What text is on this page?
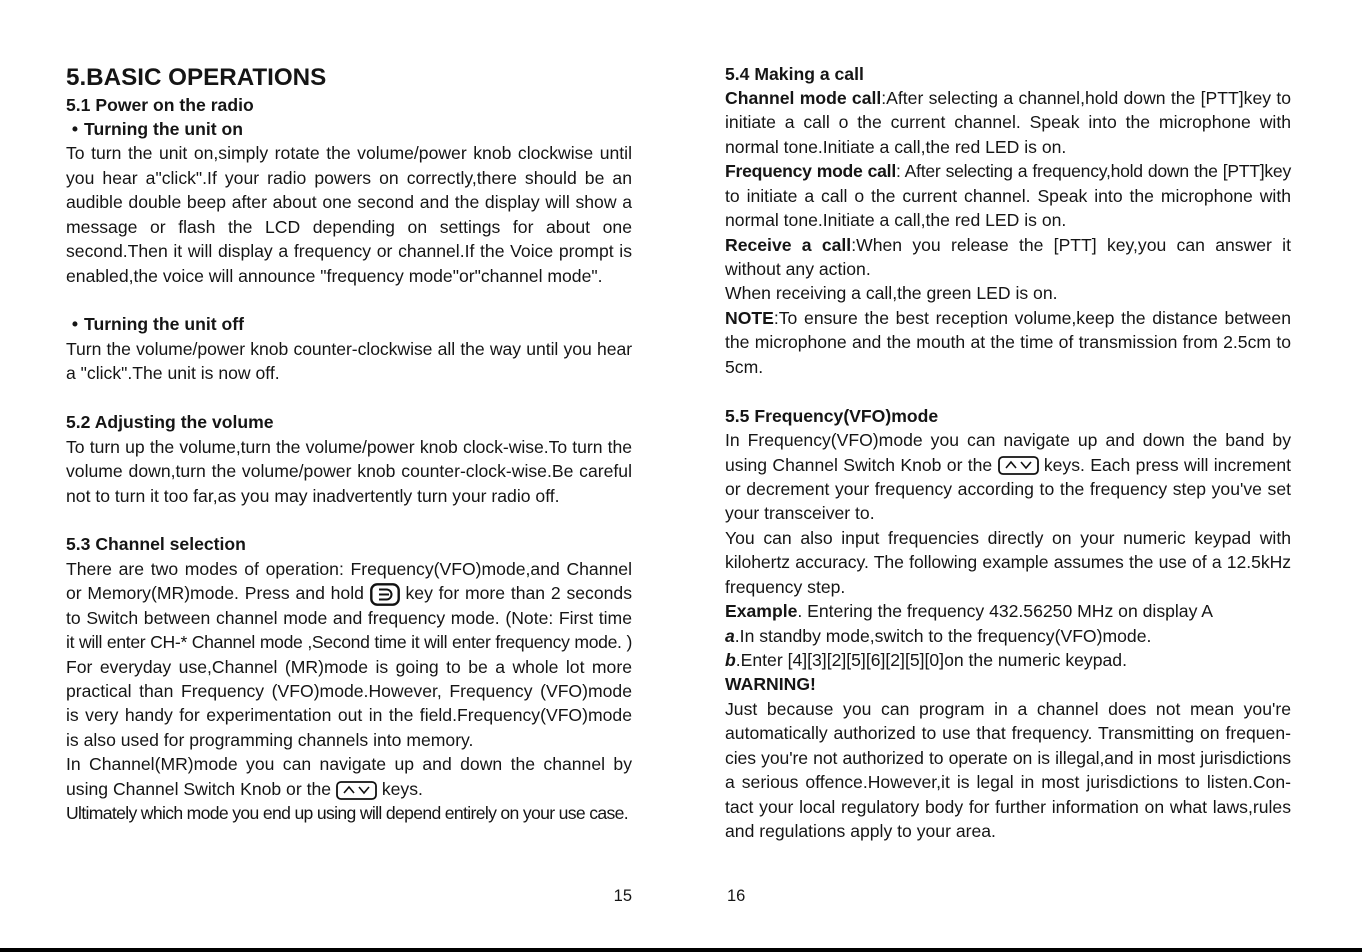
5.BASIC OPERATIONS
5.1 Power on the radio
• Turning the unit on
To turn the unit on,simply rotate the volume/power knob clockwise until
you hear a"click".If your radio powers on correctly,there should be an
audible double beep after about one second and the display will show a
message or flash the LCD depending on settings for about one
second.Then it will display a frequency or channel.If the Voice prompt is
enabled,the voice will announce "frequency mode"or"channel mode".
• Turning the unit off
Turn the volume/power knob counter-clockwise all the way until you hear
a "click".The unit is now off.
5.2 Adjusting the volume
To turn up the volume,turn the volume/power knob clock-wise.To turn the
volume down,turn the volume/power knob counter-clock-wise.Be careful
not to turn it too far,as you may inadvertently turn your radio off.
5.3 Channel selection
There are two modes of operation: Frequency(VFO)mode,and Channel
or Memory(MR)mode. Press and hold
key for more than 2 seconds
to Switch between channel mode and frequency mode. (Note: First time
it will enter CH-* Channel mode ,Second time it will enter frequency mode. )
For everyday use,Channel (MR)mode is going to be a whole lot more
practical than Frequency (VFO)mode.However, Frequency (VFO)mode
is very handy for experimentation out in the field.Frequency(VFO)mode
is also used for programming channels into memory.
In Channel(MR)mode you can navigate up and down the channel by
using Channel Switch Knob or the
keys.
Ultimately which mode you end up using will depend entirely on your use case.
5.4 Making a call
Channel mode call:After selecting a channel,hold down the [PTT]key to
initiate a call o the current channel. Speak into the microphone with
normal tone.Initiate a call,the red LED is on.
Frequency mode call: After selecting a frequency,hold down the [PTT]key
to initiate a call o the current channel. Speak into the microphone with
normal tone.Initiate a call,the red LED is on.
Receive a call:When you release the [PTT] key,you can answer it
without any action.
When receiving a call,the green LED is on.
NOTE:To ensure the best reception volume,keep the distance between
the microphone and the mouth at the time of transmission from 2.5cm to
5cm.
5.5 Frequency(VFO)mode
In Frequency(VFO)mode you can navigate up and down the band by
using Channel Switch Knob or the
keys. Each press will increment
or decrement your frequency according to the frequency step you've set
your transceiver to.
You can also input frequencies directly on your numeric keypad with
kilohertz accuracy. The following example assumes the use of a 12.5kHz
frequency step.
Example. Entering the frequency 432.56250 MHz on display A
a.In standby mode,switch to the frequency(VFO)mode.
b.Enter [4][3][2][5][6][2][5][0]on the numeric keypad.
WARNING!
Just because you can program in a channel does not mean you're
automatically authorized to use that frequency. Transmitting on frequen-
cies you're not authorized to operate on is illegal,and in most jurisdictions
a serious offence.However,it is legal in most jurisdictions to listen.Con-
tact your local regulatory body for further information on what laws,rules
and regulations apply to your area.
15	16
